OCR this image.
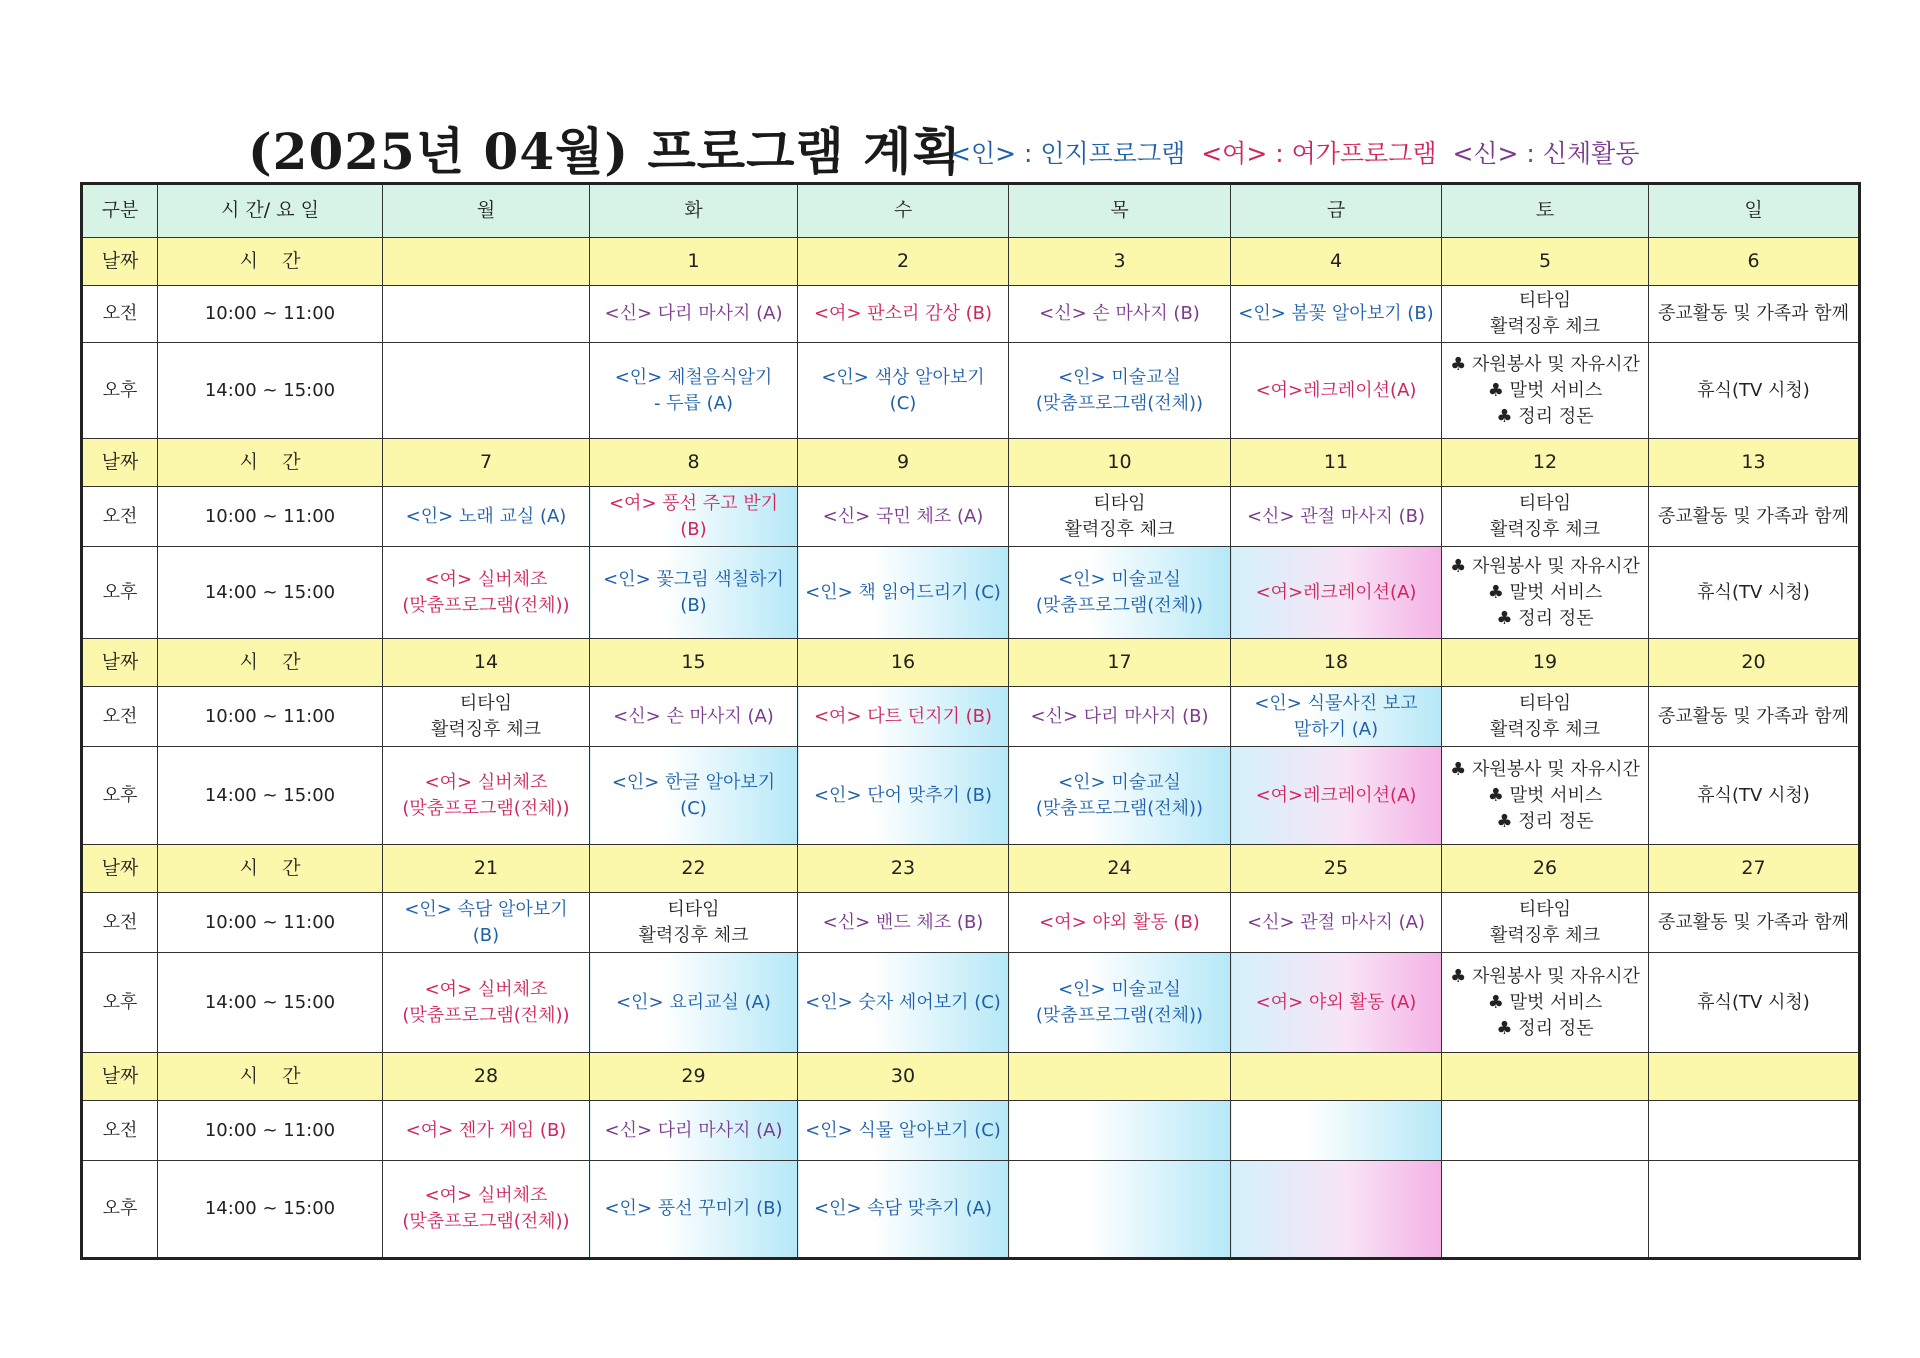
(2025년 04월) 프로그램 계획
<인> : 인지프로그램 <여> : 여가프로그램 <신> : 신체활동
구분	시 간/ 요 일	월	화	수	목	금	토	일
날짜	시    간		1	2	3	4	5	6
오전	10:00 ~ 11:00		<신> 다리 마사지 (A)	<여> 판소리 감상 (B)	<신> 손 마사지 (B)	<인> 봄꽃 알아보기 (B)	티타임
활력징후 체크	종교활동 및 가족과 함께
오후	14:00 ~ 15:00		<인> 제철음식알기
- 두릅 (A)	<인> 색상 알아보기
(C)	<인> 미술교실
(맞춤프로그램(전체))	<여>레크레이션(A)	♣ 자원봉사 및 자유시간
♣ 말벗 서비스
♣ 정리 정돈	휴식(TV 시청)
날짜	시    간	7	8	9	10	11	12	13
오전	10:00 ~ 11:00	<인> 노래 교실 (A)	<여> 풍선 주고 받기
(B)	<신> 국민 체조 (A)	티타임
활력징후 체크	<신> 관절 마사지 (B)	티타임
활력징후 체크	종교활동 및 가족과 함께
오후	14:00 ~ 15:00	<여> 실버체조
(맞춤프로그램(전체))	<인> 꽃그림 색칠하기
(B)	<인> 책 읽어드리기 (C)	<인> 미술교실
(맞춤프로그램(전체))	<여>레크레이션(A)	♣ 자원봉사 및 자유시간
♣ 말벗 서비스
♣ 정리 정돈	휴식(TV 시청)
날짜	시    간	14	15	16	17	18	19	20
오전	10:00 ~ 11:00	티타임
활력징후 체크	<신> 손 마사지 (A)	<여> 다트 던지기 (B)	<신> 다리 마사지 (B)	<인> 식물사진 보고
말하기 (A)	티타임
활력징후 체크	종교활동 및 가족과 함께
오후	14:00 ~ 15:00	<여> 실버체조
(맞춤프로그램(전체))	<인> 한글 알아보기
(C)	<인> 단어 맞추기 (B)	<인> 미술교실
(맞춤프로그램(전체))	<여>레크레이션(A)	♣ 자원봉사 및 자유시간
♣ 말벗 서비스
♣ 정리 정돈	휴식(TV 시청)
날짜	시    간	21	22	23	24	25	26	27
오전	10:00 ~ 11:00	<인> 속담 알아보기
(B)	티타임
활력징후 체크	<신> 밴드 체조 (B)	<여> 야외 활동 (B)	<신> 관절 마사지 (A)	티타임
활력징후 체크	종교활동 및 가족과 함께
오후	14:00 ~ 15:00	<여> 실버체조
(맞춤프로그램(전체))	<인> 요리교실 (A)	<인> 숫자 세어보기 (C)	<인> 미술교실
(맞춤프로그램(전체))	<여> 야외 활동 (A)	♣ 자원봉사 및 자유시간
♣ 말벗 서비스
♣ 정리 정돈	휴식(TV 시청)
날짜	시    간	28	29	30				
오전	10:00 ~ 11:00	<여> 젠가 게임 (B)	<신> 다리 마사지 (A)	<인> 식물 알아보기 (C)				
오후	14:00 ~ 15:00	<여> 실버체조
(맞춤프로그램(전체))	<인> 풍선 꾸미기 (B)	<인> 속담 맞추기 (A)				
